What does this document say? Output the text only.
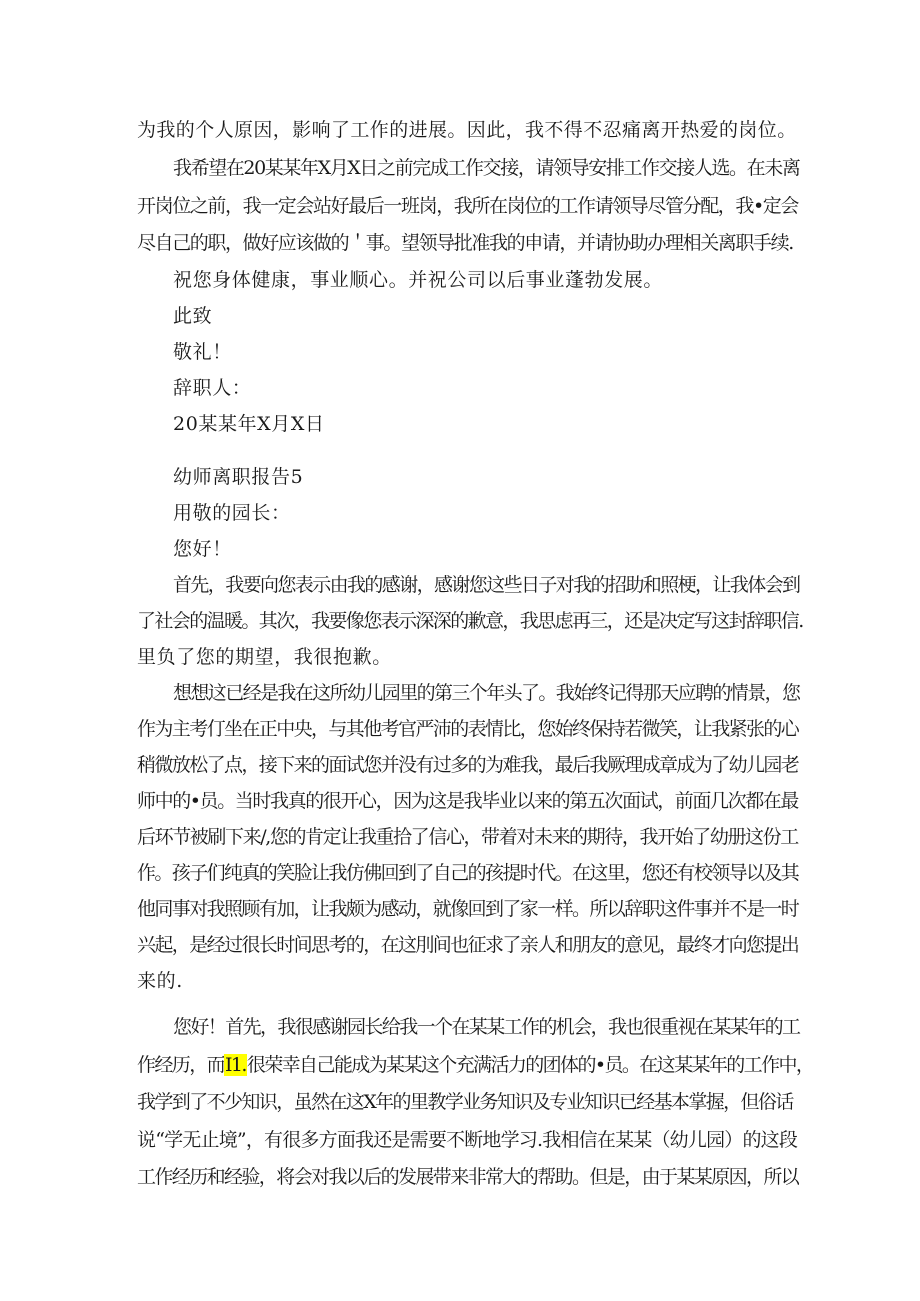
为我的个人原因，影响了工作的进展。因此，我不得不忍痛离开热爱的岗位。
我希望在20某某年X月X日之前完成工作交接，请领导安排工作交接人选。在未离
开岗位之前，我一定会站好最后一班岗，我所在岗位的工作请领导尽管分配，我•定会
尽自己的职，做好应该做的＇事。望领导批准我的申请，并请协助办理相关离职手续.
祝您身体健康，事业顺心。并祝公司以后事业蓬勃发展。
此致
敬礼！
辞职人：
20某某年X月X日
幼师离职报告5
用敬的园长：
您好！
首先，我要向您表示由我的感谢，感谢您这些日子对我的招助和照梗，让我体会到
了社会的温暖。其次，我要像您表示深深的歉意，我思虑再三，还是决定写这封辞职信.
里负了您的期望，我很抱歉。
想想这已经是我在这所幼儿园里的第三个年头了。我始终记得那天应聘的情景，您
作为主考仃坐在正中央，与其他考官严沛的表情比，您始终保持若微笑，让我紧张的心
稍微放松了点，接下来的面试您并没有过多的为难我，最后我厥理成章成为了幼儿园老
师中的•员。当时我真的很开心，因为这是我毕业以来的第五次面试，前面几次都在最
后环节被刷下来/,您的肯定让我重拾了信心，带着对未来的期待，我开始了幼册这份工
作。孩子们纯真的笑脸让我仿佛回到了自己的孩提时代。在这里，您还有校领导以及其
他同事对我照顾有加，让我颇为感动，就像回到了家一样。所以辞职这件事并不是一时
兴起，是经过很长时间思考的，在这刖间也征求了亲人和朋友的意见，最终才向您提出
来的.
您好！首先，我很感谢园长给我一个在某某工作的机会，我也很重视在某某年的工
作经历，而I1.很荣幸自己能成为某某这个充满活力的团体的•员。在这某某年的工作中，
我学到了不少知识，虽然在这X年的里教学业务知识及专业知识已经基本掌握，但俗话
说“学无止境”，有很多方面我还是需要不断地学习.我相信在某某（幼儿园）的这段
工作经历和经验，将会对我以后的发展带来非常大的帮助。但是，由于某某原因，所以
